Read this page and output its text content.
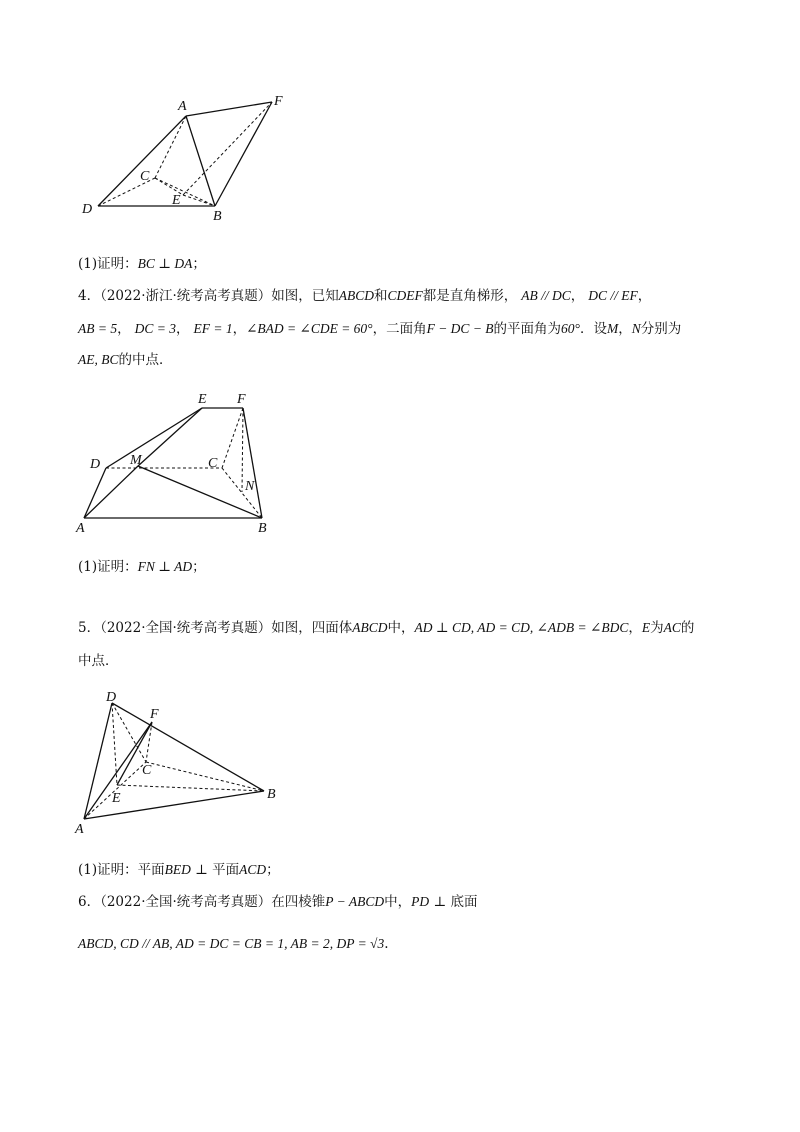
A	F
C
D
E
B
(1)证明：BC ⊥ DA；
4．（2022·浙江·统考高考真题）如图，已知ABCD和CDEF都是直角梯形， AB // DC， DC // EF，
AB = 5， DC = 3， EF = 1，∠BAD = ∠CDE = 60°，二面角F − DC − B的平面角为60°．设M，N分别为
AE, BC的中点．
E F
D M	C
N
A	B
(1)证明：FN ⊥ AD；
5．（2022·全国·统考高考真题）如图，四面体ABCD中，AD ⊥ CD, AD = CD, ∠ADB = ∠BDC，E为AC的
中点．
D
F
C
E	B
A
(1)证明：平面BED ⊥ 平面ACD；
6．（2022·全国·统考高考真题）在四棱锥P − ABCD中，PD ⊥ 底面
ABCD, CD // AB, AD = DC = CB = 1, AB = 2, DP = √3.
